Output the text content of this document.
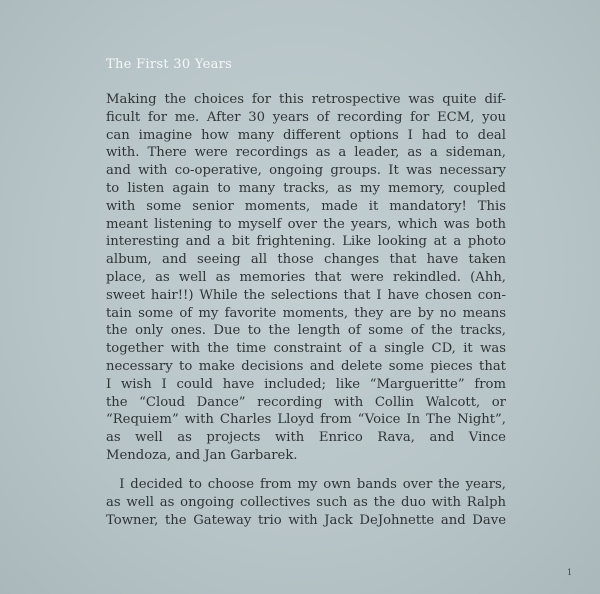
The First 30 Years
Making the choices for this retrospective was quite dif-
ficult for me. After 30 years of recording for ECM, you
can imagine how many different options I had to deal
with. There were recordings as a leader, as a sideman,
and with co-operative, ongoing groups. It was necessary
to listen again to many tracks, as my memory, coupled
with some senior moments, made it mandatory! This
meant listening to myself over the years, which was both
interesting and a bit frightening. Like looking at a photo
album, and seeing all those changes that have taken
place, as well as memories that were rekindled. (Ahh,
sweet hair!!) While the selections that I have chosen con-
tain some of my favorite moments, they are by no means
the only ones. Due to the length of some of the tracks,
together with the time constraint of a single CD, it was
necessary to make decisions and delete some pieces that
I wish I could have included; like “Margueritte” from
the “Cloud Dance” recording with Collin Walcott, or
“Requiem” with Charles Lloyd from “Voice In The Night”,
as well as projects with Enrico Rava, and Vince
Mendoza, and Jan Garbarek.
 I decided to choose from my own bands over the years,
as well as ongoing collectives such as the duo with Ralph
Towner, the Gateway trio with Jack DeJohnette and Dave
1
